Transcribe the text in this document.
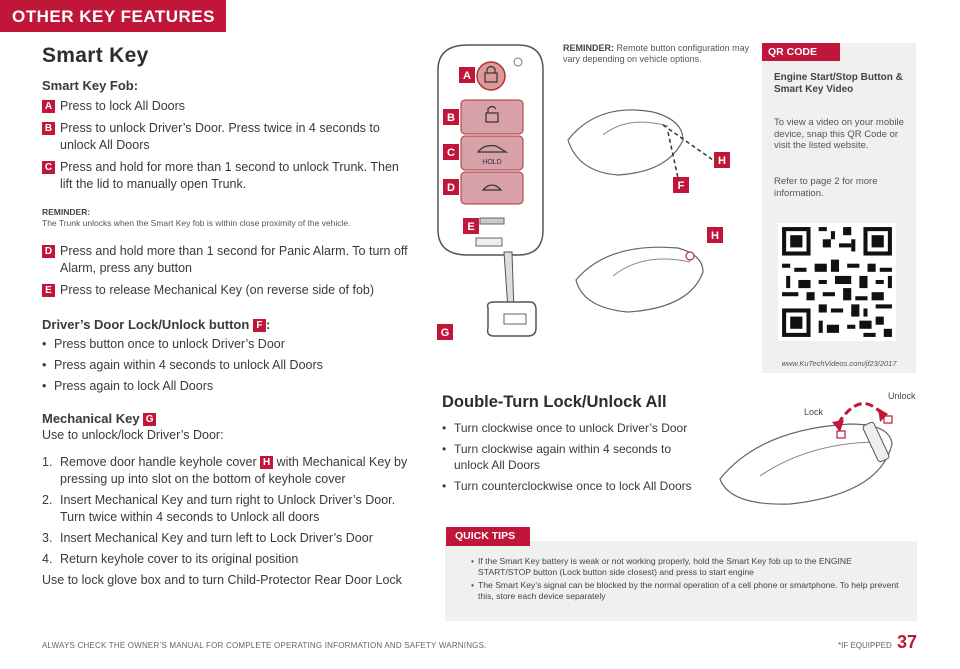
OTHER KEY FEATURES
Smart Key
Smart Key Fob:
A Press to lock All Doors
B Press to unlock Driver’s Door. Press twice in 4 seconds to unlock All Doors
C Press and hold for more than 1 second to unlock Trunk. Then lift the lid to manually open Trunk.
REMINDER:
The Trunk unlocks when the Smart Key fob is within close proximity of the vehicle.
D Press and hold more than 1 second for Panic Alarm. To turn off Alarm, press any button
E Press to release Mechanical Key (on reverse side of fob)
Driver’s Door Lock/Unlock button F :
• Press button once to unlock Driver’s Door
• Press again within 4 seconds to unlock All Doors
• Press again to lock All Doors
Mechanical Key G
Use to unlock/lock Driver’s Door:
1. Remove door handle keyhole cover H with Mechanical Key by pressing up into slot on the bottom of keyhole cover
2. Insert Mechanical Key and turn right to Unlock Driver’s Door. Turn twice within 4 seconds to Unlock all doors
3. Insert Mechanical Key and turn left to Lock Driver’s Door
4. Return keyhole cover to its original position
Use to lock glove box and to turn Child-Protector Rear Door Lock
HOLD
A
B
C
D
E
G
H
F
H
REMINDER: Remote button configuration may vary depending on vehicle options.
QR CODE
Engine Start/Stop Button & Smart Key Video
To view a video on your mobile device, snap this QR Code or visit the listed website.
Refer to page 2 for more information.
www.KuTechVideos.com/jf23/2017
Double-Turn Lock/Unlock All
• Turn clockwise once to unlock Driver’s Door
• Turn clockwise again within 4 seconds to unlock All Doors
• Turn counterclockwise once to lock All Doors
Lock
Unlock
• If the Smart Key battery is weak or not working properly, hold the Smart Key fob up to the ENGINE START/STOP button (Lock button side closest) and press to start engine
• The Smart Key’s signal can be blocked by the normal operation of a cell phone or smartphone. To help prevent this, store each device separately
QUICK TIPS
ALWAYS CHECK THE OWNER’S MANUAL FOR COMPLETE OPERATING INFORMATION AND SAFETY WARNINGS.	*IF EQUIPPED 37
